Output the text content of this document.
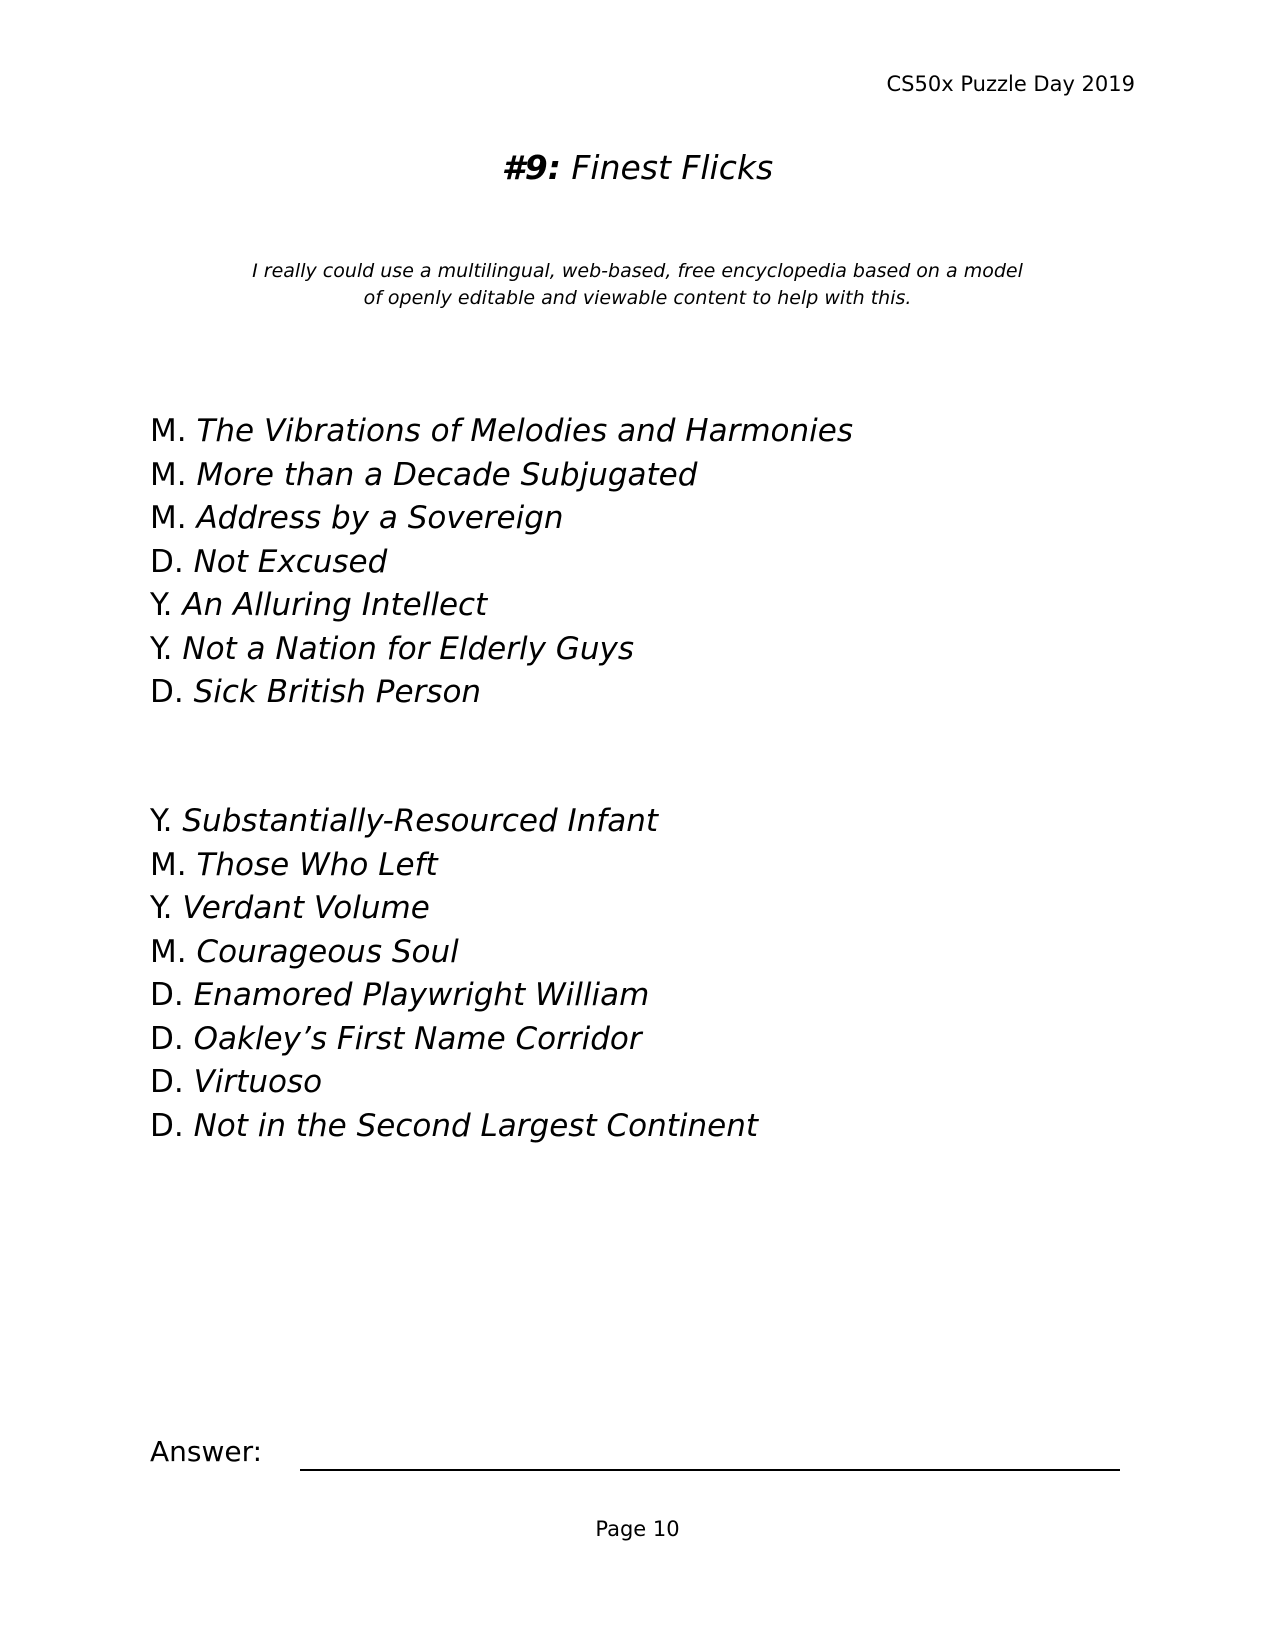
CS50x Puzzle Day 2019
#9: Finest Flicks
I really could use a multilingual, web-based, free encyclopedia based on a model
of openly editable and viewable content to help with this.
M. The Vibrations of Melodies and Harmonies
M. More than a Decade Subjugated
M. Address by a Sovereign
D. Not Excused
Y. An Alluring Intellect
Y. Not a Nation for Elderly Guys
D. Sick British Person
Y. Substantially-Resourced Infant
M. Those Who Left
Y. Verdant Volume
M. Courageous Soul
D. Enamored Playwright William
D. Oakley’s First Name Corridor
D. Virtuoso
D. Not in the Second Largest Continent
Answer:
Page 10
